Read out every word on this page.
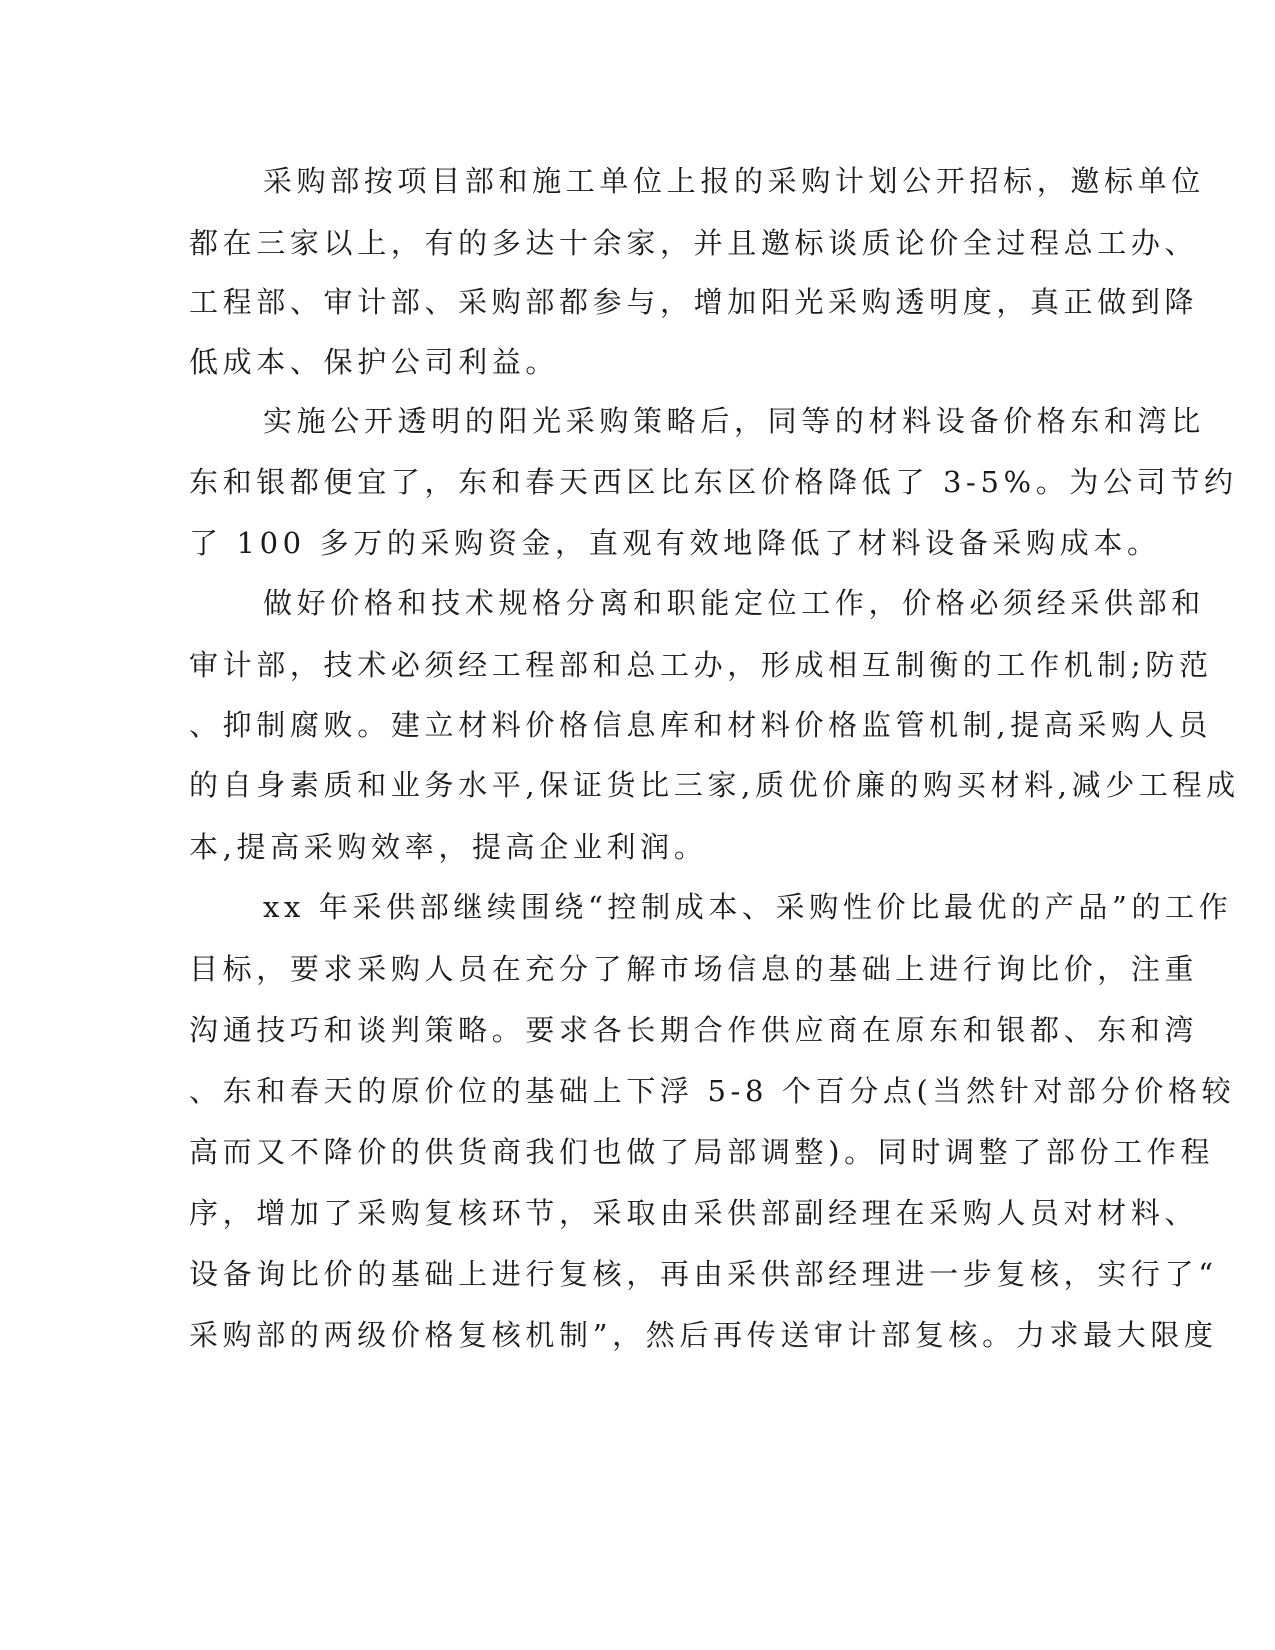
采购部按项目部和施工单位上报的采购计划公开招标，邀标单位
都在三家以上，有的多达十余家，并且邀标谈质论价全过程总工办、
工程部、审计部、采购部都参与，增加阳光采购透明度，真正做到降
低成本、保护公司利益。
实施公开透明的阳光采购策略后，同等的材料设备价格东和湾比
东和银都便宜了，东和春天西区比东区价格降低了 3-5%。为公司节约
了 100 多万的采购资金，直观有效地降低了材料设备采购成本。
做好价格和技术规格分离和职能定位工作，价格必须经采供部和
审计部，技术必须经工程部和总工办，形成相互制衡的工作机制;防范
、抑制腐败。建立材料价格信息库和材料价格监管机制,提高采购人员
的自身素质和业务水平,保证货比三家,质优价廉的购买材料,减少工程成
本,提高采购效率，提高企业利润。
xx 年采供部继续围绕“控制成本、采购性价比最优的产品”的工作
目标，要求采购人员在充分了解市场信息的基础上进行询比价，注重
沟通技巧和谈判策略。要求各长期合作供应商在原东和银都、东和湾
、东和春天的原价位的基础上下浮 5-8 个百分点(当然针对部分价格较
高而又不降价的供货商我们也做了局部调整)。同时调整了部份工作程
序，增加了采购复核环节，采取由采供部副经理在采购人员对材料、
设备询比价的基础上进行复核，再由采供部经理进一步复核，实行了“
采购部的两级价格复核机制”，然后再传送审计部复核。力求最大限度
